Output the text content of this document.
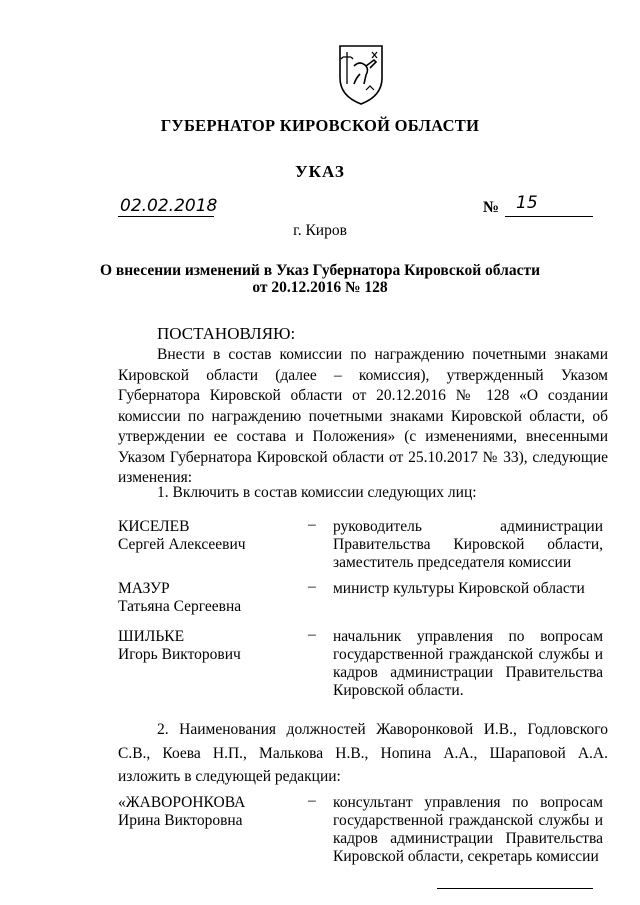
ГУБЕРНАТОР КИРОВСКОЙ ОБЛАСТИ
УКАЗ
02.02.2018	№ 15
г. Киров
О внесении изменений в Указ Губернатора Кировской области
от 20.12.2016 № 128
ПОСТАНОВЛЯЮ:
Внести в состав комиссии по награждению почетными знаками Кировской области (далее – комиссия), утвержденный Указом Губернатора Кировской области от 20.12.2016 № 128 «О создании комиссии по награждению почетными знаками Кировской области, об утверждении ее состава и Положения» (с изменениями, внесенными Указом Губернатора Кировской области от 25.10.2017 № 33), следующие изменения:
1. Включить в состав комиссии следующих лиц:
КИСЕЛЕВ
Сергей Алексеевич
– руководитель администрации Правительства Кировской области, заместитель председателя комиссии
МАЗУР
Татьяна Сергеевна
– министр культуры Кировской области
ШИЛЬКЕ
Игорь Викторович
– начальник управления по вопросам государственной гражданской службы и кадров администрации Правительства Кировской области.
2. Наименования должностей Жаворонковой И.В., Годловского С.В., Коева Н.П., Малькова Н.В., Нопина А.А., Шараповой А.А. изложить в следующей редакции:
«ЖАВОРОНКОВА
Ирина Викторовна
– консультант управления по вопросам государственной гражданской службы и кадров администрации Правительства Кировской области, секретарь комиссии
